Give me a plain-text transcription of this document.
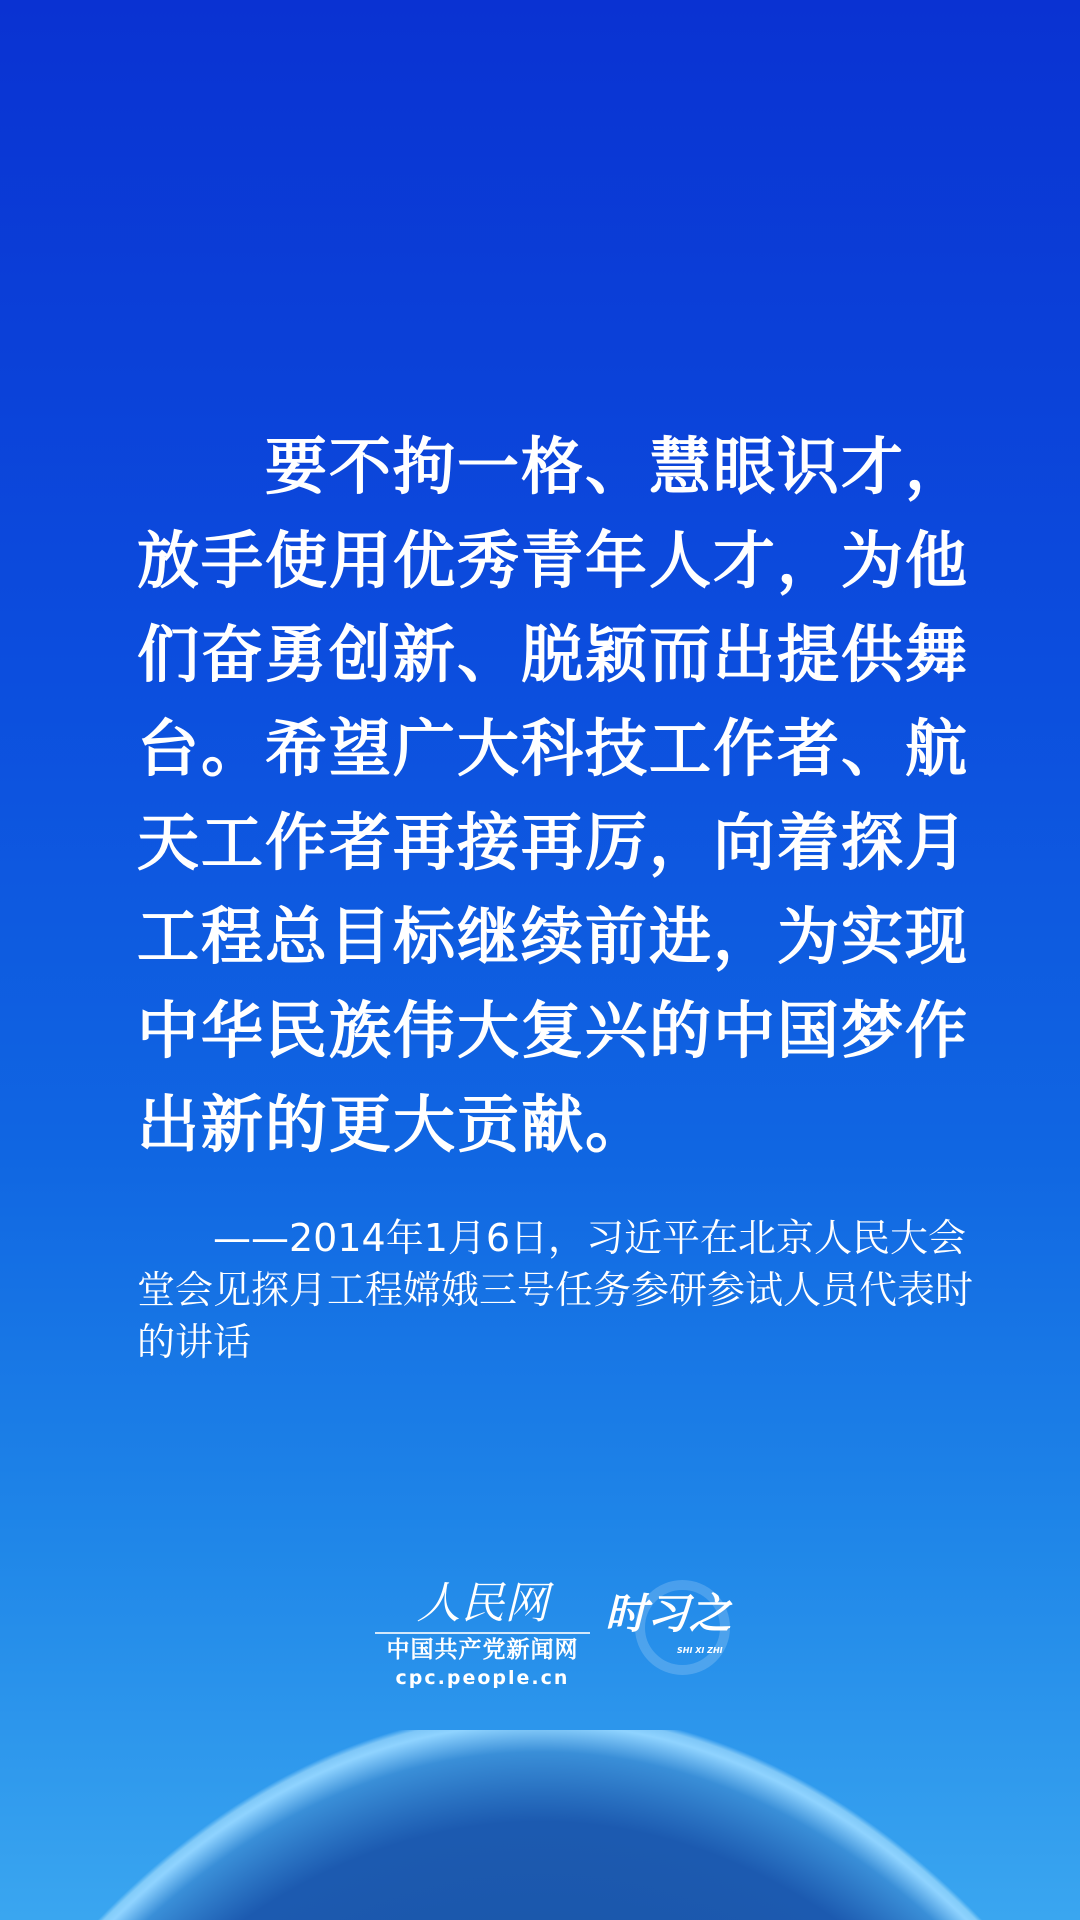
　　要不拘一格、慧眼识才，
放手使用优秀青年人才，为他
们奋勇创新、脱颖而出提供舞
台。希望广大科技工作者、航
天工作者再接再厉，向着探月
工程总目标继续前进，为实现
中华民族伟大复兴的中国梦作
出新的更大贡献。
　　——2014年1月6日，习近平在北京人民大会
堂会见探月工程嫦娥三号任务参研参试人员代表时
的讲话
人民网
中国共产党新闻网
cpc.people.cn
时习之
SHI XI ZHI
